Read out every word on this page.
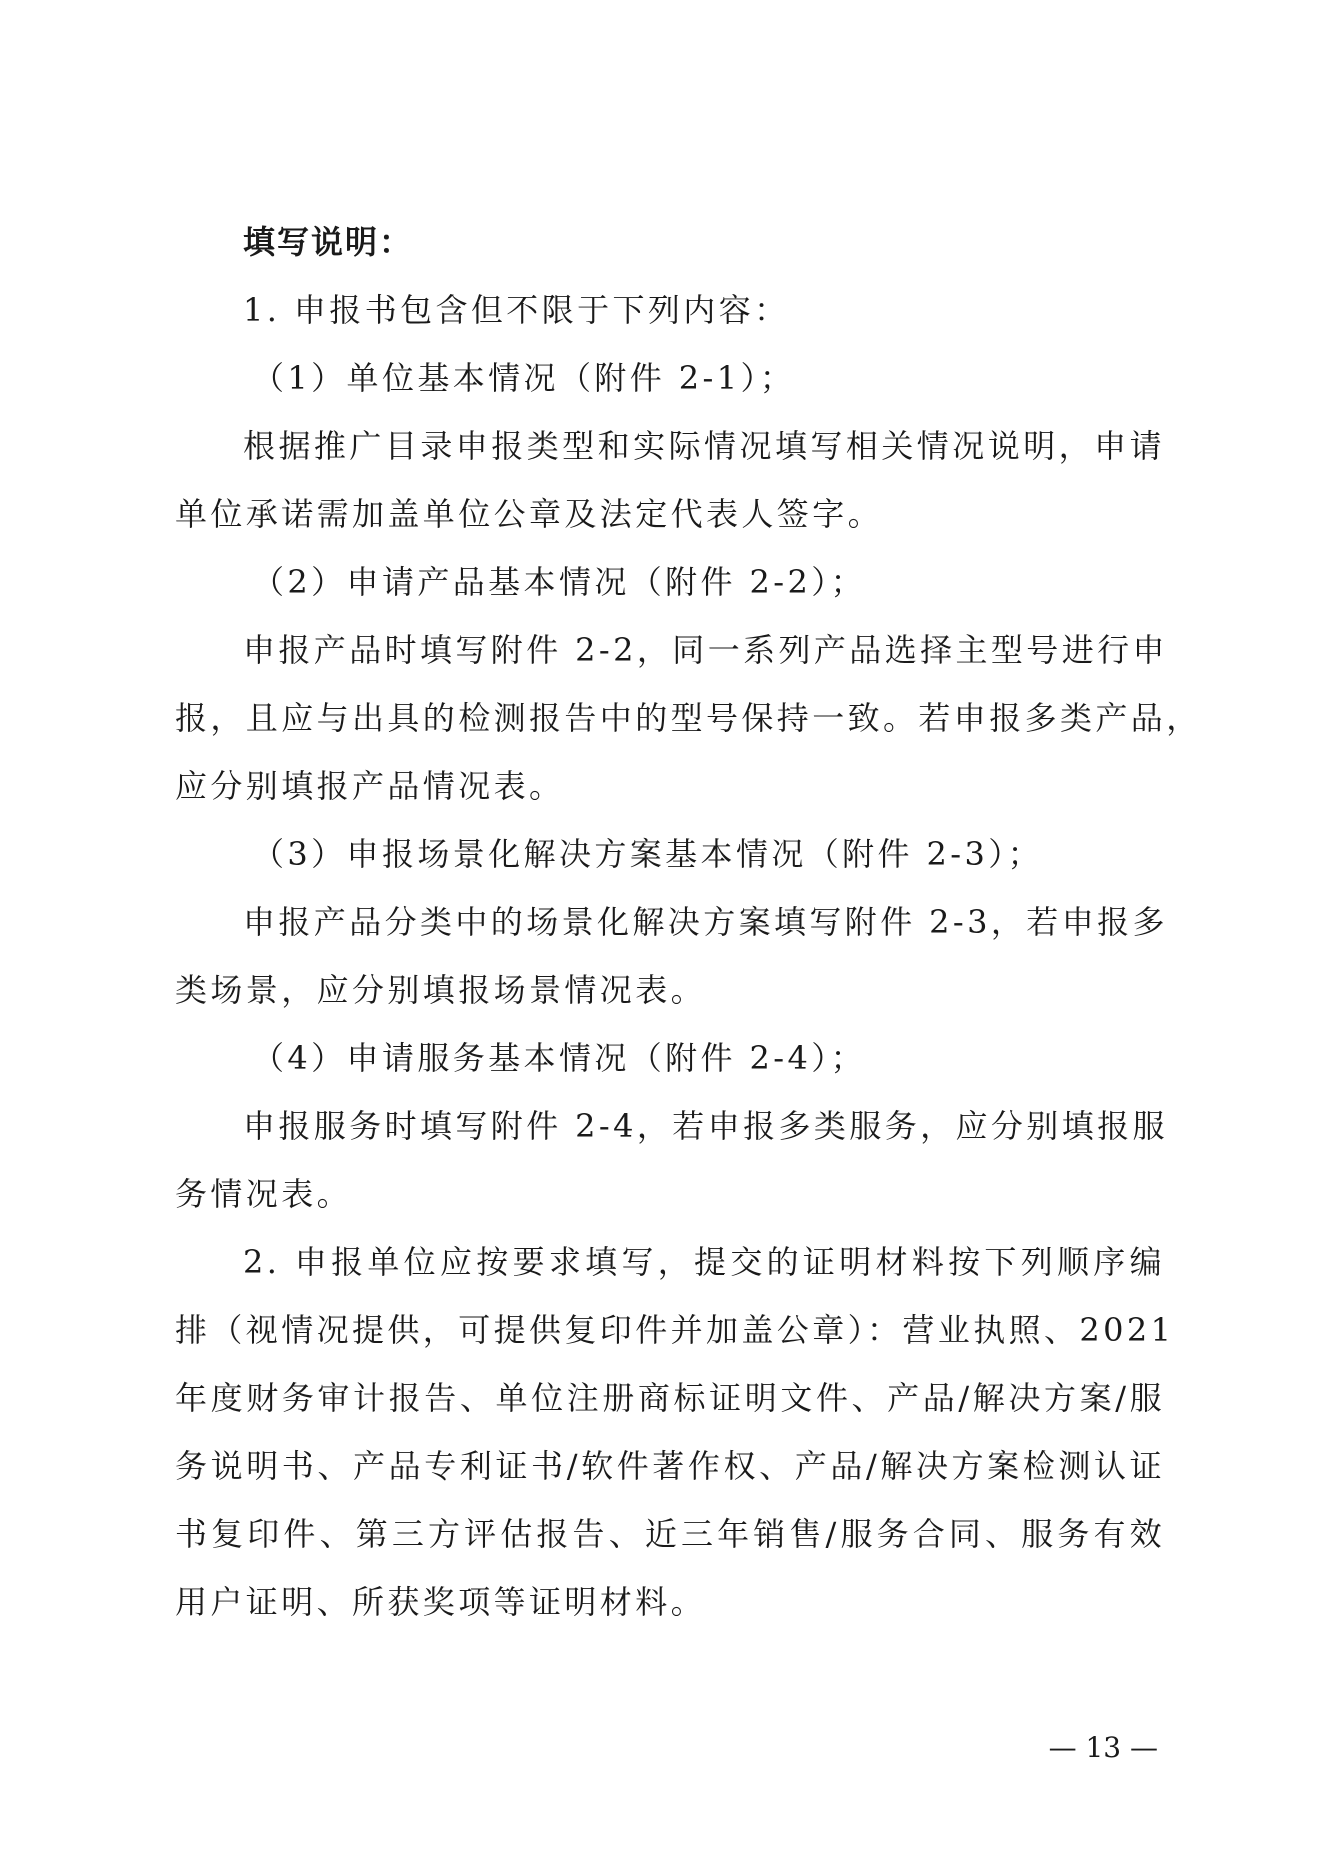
填写说明：
1. 申报书包含但不限于下列内容：
（1）单位基本情况（附件 2-1）；
根据推广目录申报类型和实际情况填写相关情况说明，申请
单位承诺需加盖单位公章及法定代表人签字。
（2）申请产品基本情况（附件 2-2）；
申报产品时填写附件 2-2，同一系列产品选择主型号进行申
报，且应与出具的检测报告中的型号保持一致。若申报多类产品，
应分别填报产品情况表。
（3）申报场景化解决方案基本情况（附件 2-3）；
申报产品分类中的场景化解决方案填写附件 2-3，若申报多
类场景，应分别填报场景情况表。
（4）申请服务基本情况（附件 2-4）；
申报服务时填写附件 2-4，若申报多类服务，应分别填报服
务情况表。
2. 申报单位应按要求填写，提交的证明材料按下列顺序编
排（视情况提供，可提供复印件并加盖公章）：营业执照、2021
年度财务审计报告、单位注册商标证明文件、产品/解决方案/服
务说明书、产品专利证书/软件著作权、产品/解决方案检测认证
书复印件、第三方评估报告、近三年销售/服务合同、服务有效
用户证明、所获奖项等证明材料。
— 13 —
